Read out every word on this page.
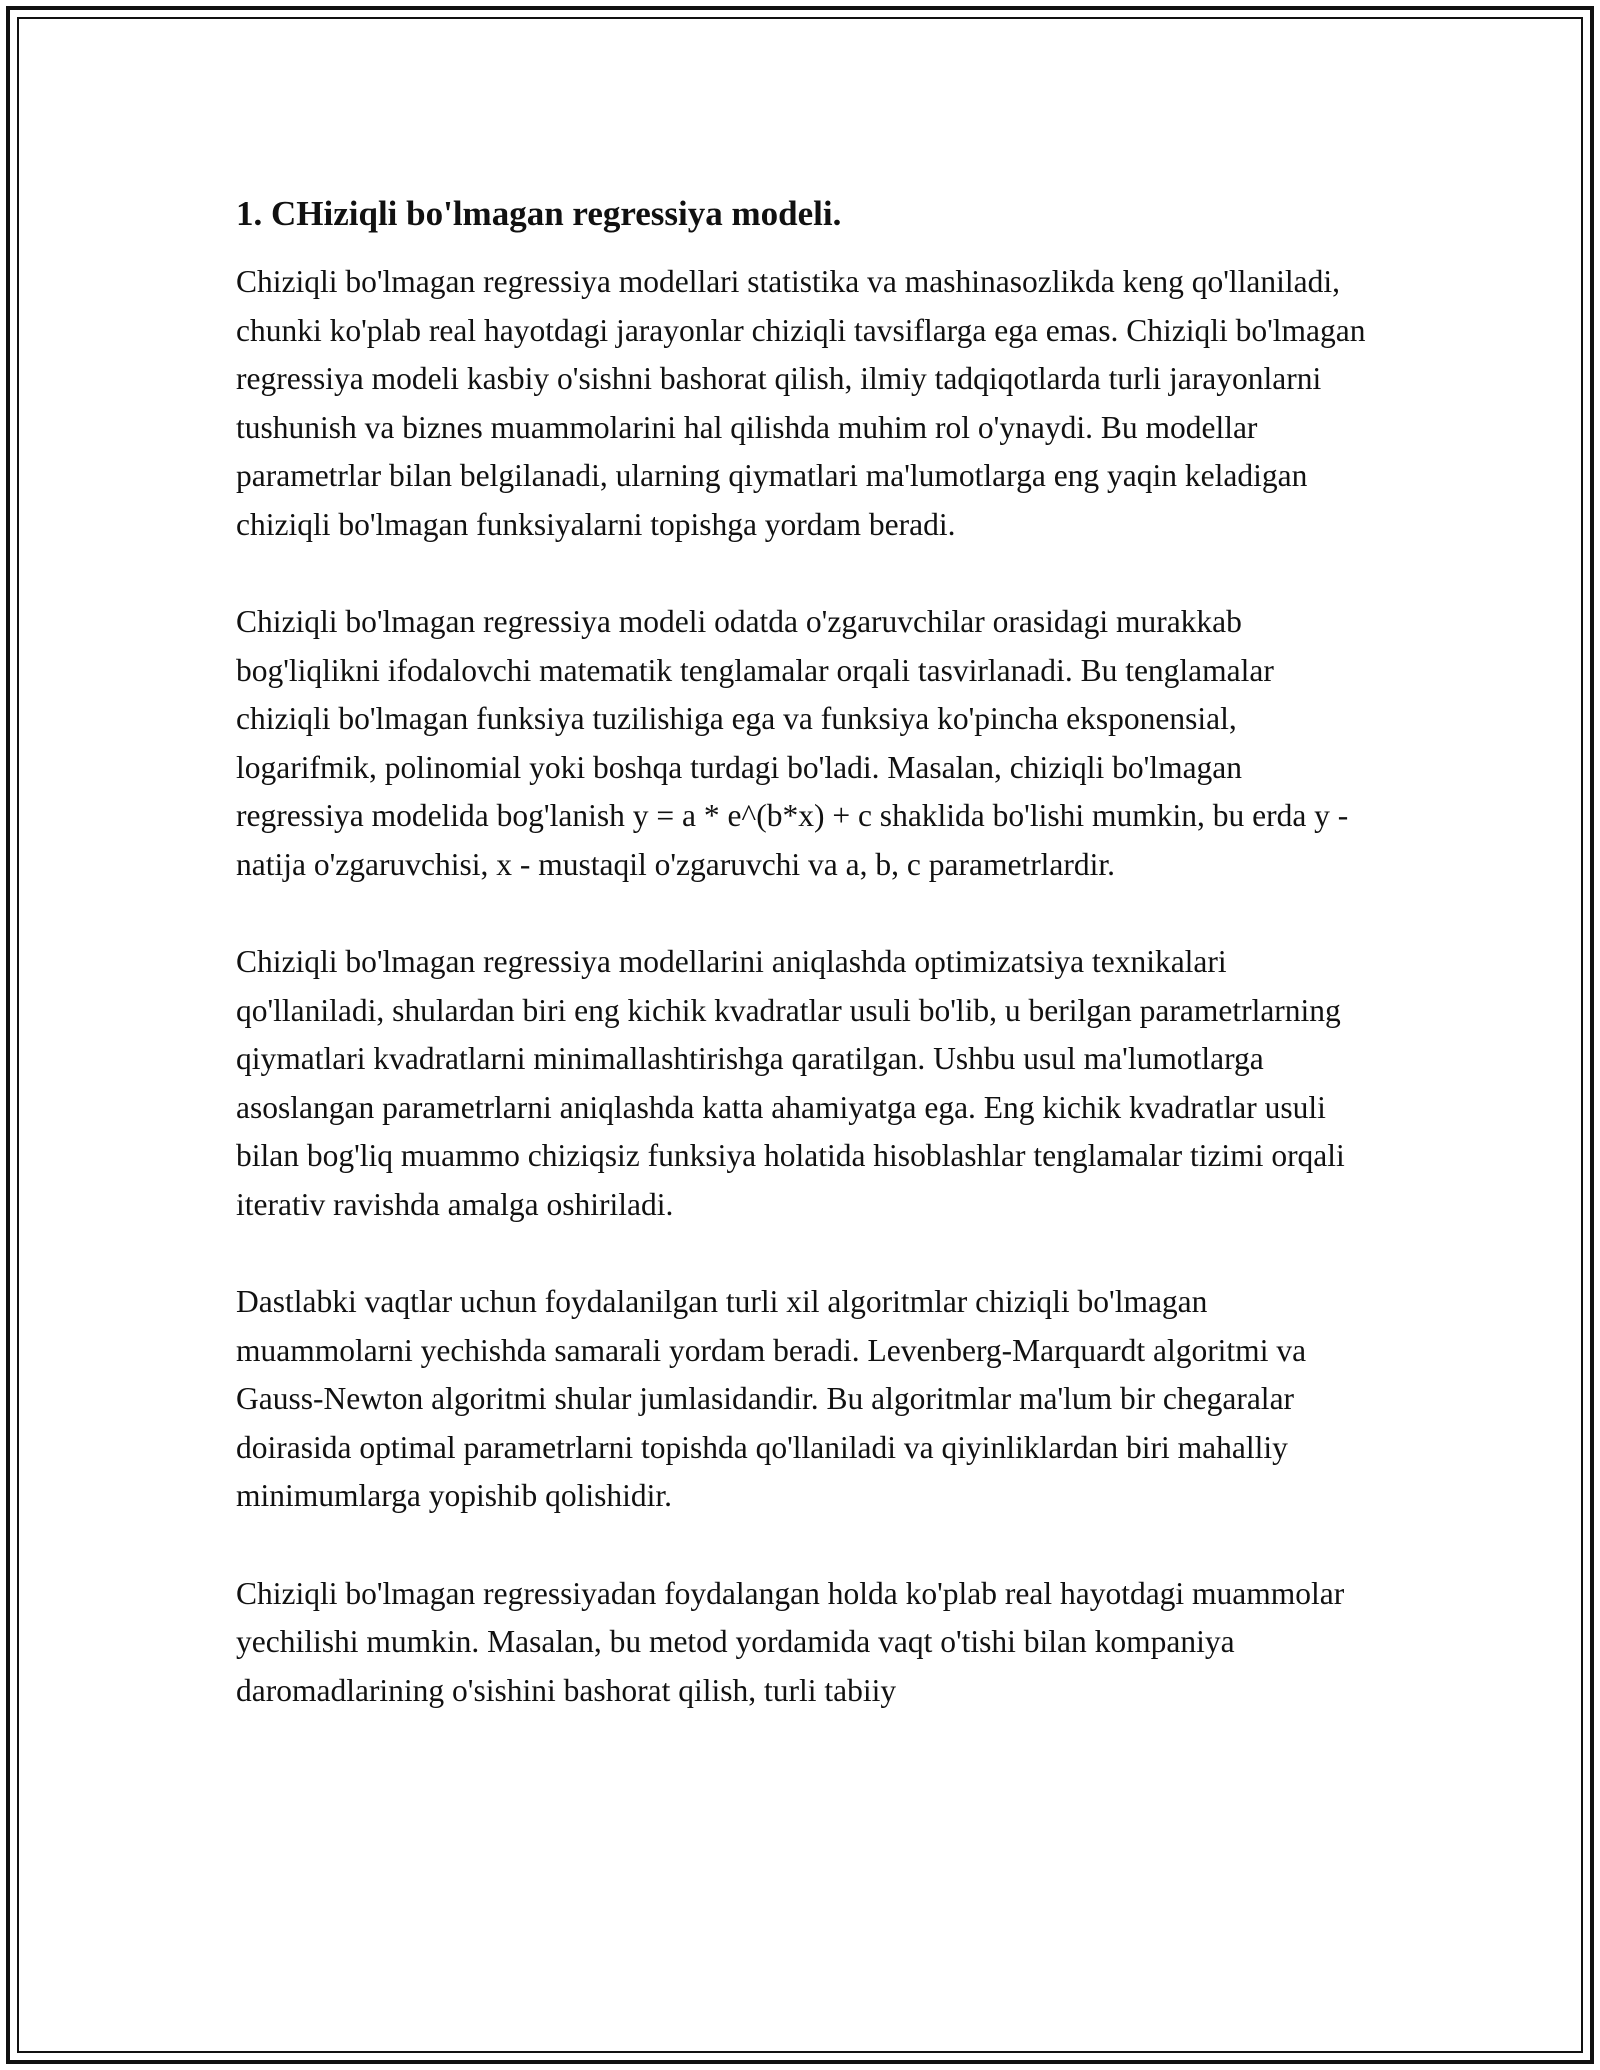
1. CHiziqli bo'lmagan regressiya modeli.

Chiziqli bo'lmagan regressiya modellari statistika va mashinasozlikda keng qo'llaniladi, chunki ko'plab real hayotdagi jarayonlar chiziqli tavsiflarga ega emas. Chiziqli bo'lmagan regressiya modeli kasbiy o'sishni bashorat qilish, ilmiy tadqiqotlarda turli jarayonlarni tushunish va biznes muammolarini hal qilishda muhim rol o'ynaydi. Bu modellar parametrlar bilan belgilanadi, ularning qiymatlari ma'lumotlarga eng yaqin keladigan chiziqli bo'lmagan funksiyalarni topishga yordam beradi.

Chiziqli bo'lmagan regressiya modeli odatda o'zgaruvchilar orasidagi murakkab bog'liqlikni ifodalovchi matematik tenglamalar orqali tasvirlanadi. Bu tenglamalar chiziqli bo'lmagan funksiya tuzilishiga ega va funksiya ko'pincha eksponensial, logarifmik, polinomial yoki boshqa turdagi bo'ladi. Masalan, chiziqli bo'lmagan regressiya modelida bog'lanish y = a * e^(b*x) + c shaklida bo'lishi mumkin, bu erda y - natija o'zgaruvchisi, x - mustaqil o'zgaruvchi va a, b, c parametrlardir.

Chiziqli bo'lmagan regressiya modellarini aniqlashda optimizatsiya texnikalari qo'llaniladi, shulardan biri eng kichik kvadratlar usuli bo'lib, u berilgan parametrlarning qiymatlari kvadratlarni minimallashtirishga qaratilgan. Ushbu usul ma'lumotlarga asoslangan parametrlarni aniqlashda katta ahamiyatga ega. Eng kichik kvadratlar usuli bilan bog'liq muammo chiziqsiz funksiya holatida hisoblashlar tenglamalar tizimi orqali iterativ ravishda amalga oshiriladi.

Dastlabki vaqtlar uchun foydalanilgan turli xil algoritmlar chiziqli bo'lmagan muammolarni yechishda samarali yordam beradi. Levenberg-Marquardt algoritmi va Gauss-Newton algoritmi shular jumlasidandir. Bu algoritmlar ma'lum bir chegaralar doirasida optimal parametrlarni topishda qo'llaniladi va qiyinliklardan biri mahalliy minimumlarga yopishib qolishidir.

Chiziqli bo'lmagan regressiyadan foydalangan holda ko'plab real hayotdagi muammolar yechilishi mumkin. Masalan, bu metod yordamida vaqt o'tishi bilan kompaniya daromadlarining o'sishini bashorat qilish, turli tabiiy
